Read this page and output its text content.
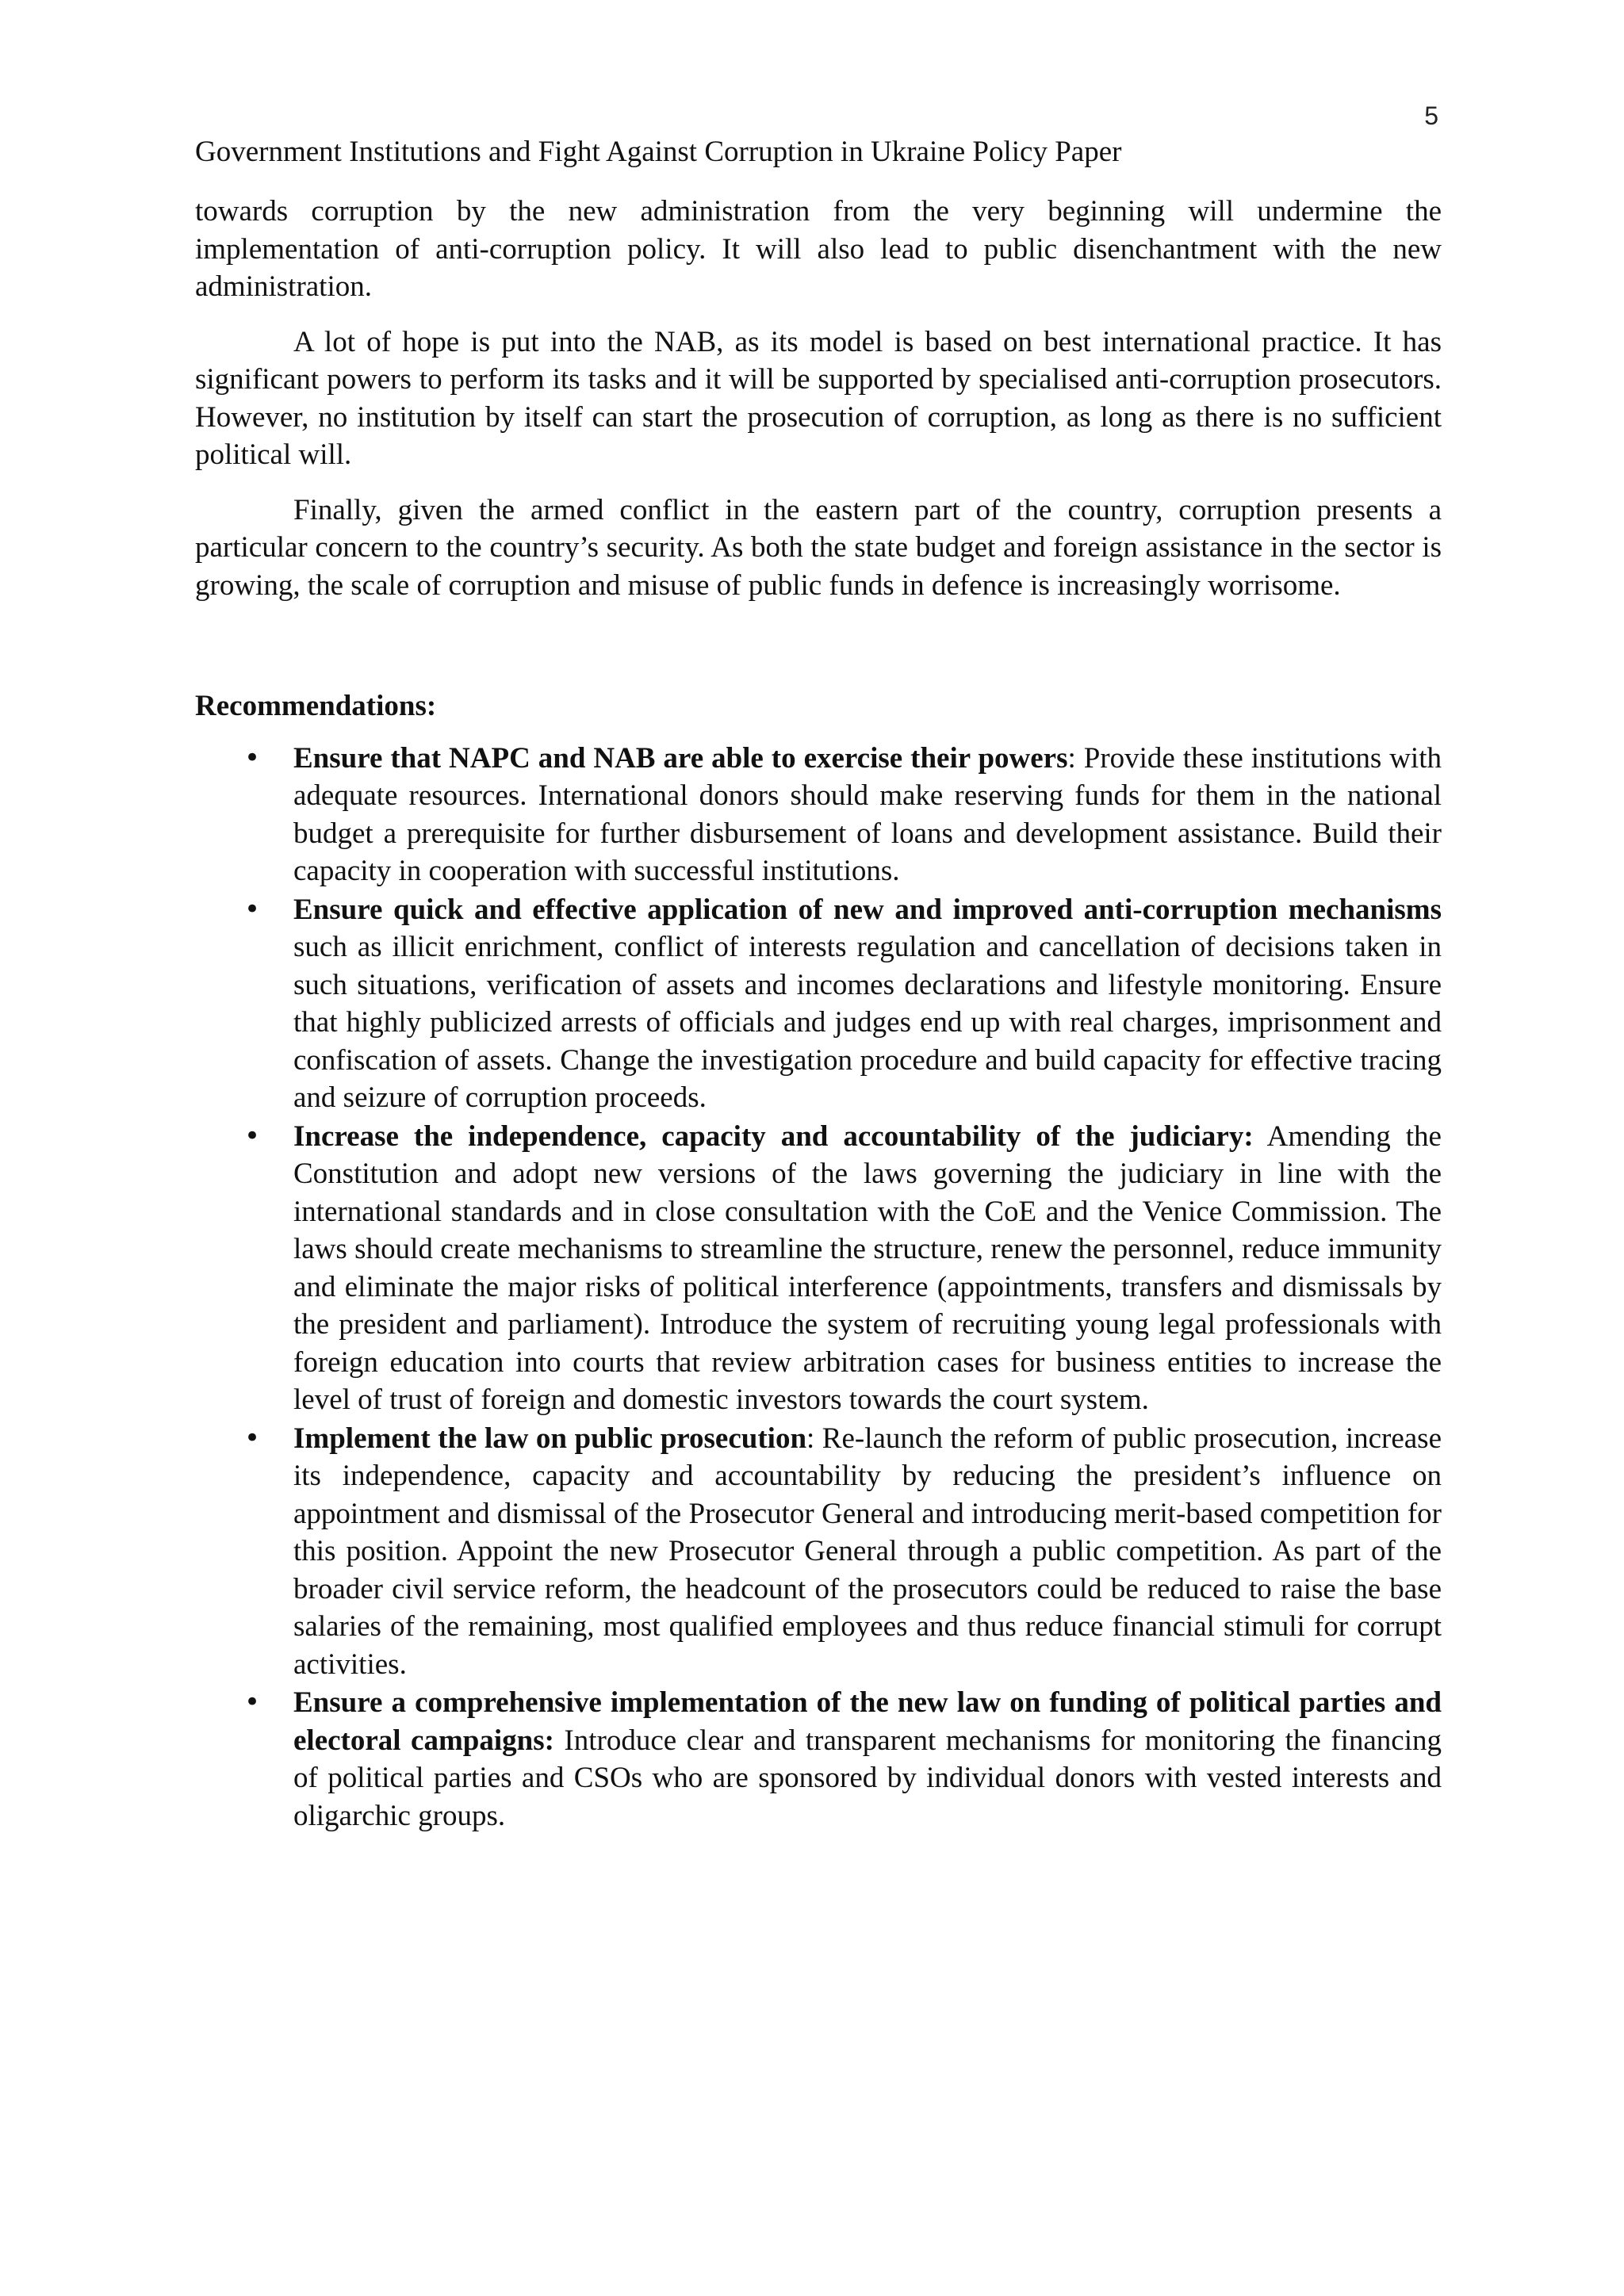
5
Government Institutions and Fight Against Corruption in Ukraine Policy Paper

towards corruption by the new administration from the very beginning will undermine the implementation of anti-corruption policy. It will also lead to public disenchantment with the new administration.

A lot of hope is put into the NAB, as its model is based on best international practice. It has significant powers to perform its tasks and it will be supported by specialised anti-corruption prosecutors. However, no institution by itself can start the prosecution of corruption, as long as there is no sufficient political will.

Finally, given the armed conflict in the eastern part of the country, corruption presents a particular concern to the country’s security. As both the state budget and foreign assistance in the sector is growing, the scale of corruption and misuse of public funds in defence is increasingly worrisome.

Recommendations:
• Ensure that NAPC and NAB are able to exercise their powers: Provide these institutions with adequate resources. International donors should make reserving funds for them in the national budget a prerequisite for further disbursement of loans and development assistance. Build their capacity in cooperation with successful institutions.
• Ensure quick and effective application of new and improved anti-corruption mechanisms such as illicit enrichment, conflict of interests regulation and cancellation of decisions taken in such situations, verification of assets and incomes declarations and lifestyle monitoring. Ensure that highly publicized arrests of officials and judges end up with real charges, imprisonment and confiscation of assets. Change the investigation procedure and build capacity for effective tracing and seizure of corruption proceeds.
• Increase the independence, capacity and accountability of the judiciary: Amending the Constitution and adopt new versions of the laws governing the judiciary in line with the international standards and in close consultation with the CoE and the Venice Commission. The laws should create mechanisms to streamline the structure, renew the personnel, reduce immunity and eliminate the major risks of political interference (appointments, transfers and dismissals by the president and parliament). Introduce the system of recruiting young legal professionals with foreign education into courts that review arbitration cases for business entities to increase the level of trust of foreign and domestic investors towards the court system.
• Implement the law on public prosecution: Re-launch the reform of public prosecution, increase its independence, capacity and accountability by reducing the president’s influence on appointment and dismissal of the Prosecutor General and introducing merit-based competition for this position. Appoint the new Prosecutor General through a public competition. As part of the broader civil service reform, the headcount of the prosecutors could be reduced to raise the base salaries of the remaining, most qualified employees and thus reduce financial stimuli for corrupt activities.
• Ensure a comprehensive implementation of the new law on funding of political parties and electoral campaigns: Introduce clear and transparent mechanisms for monitoring the financing of political parties and CSOs who are sponsored by individual donors with vested interests and oligarchic groups.
